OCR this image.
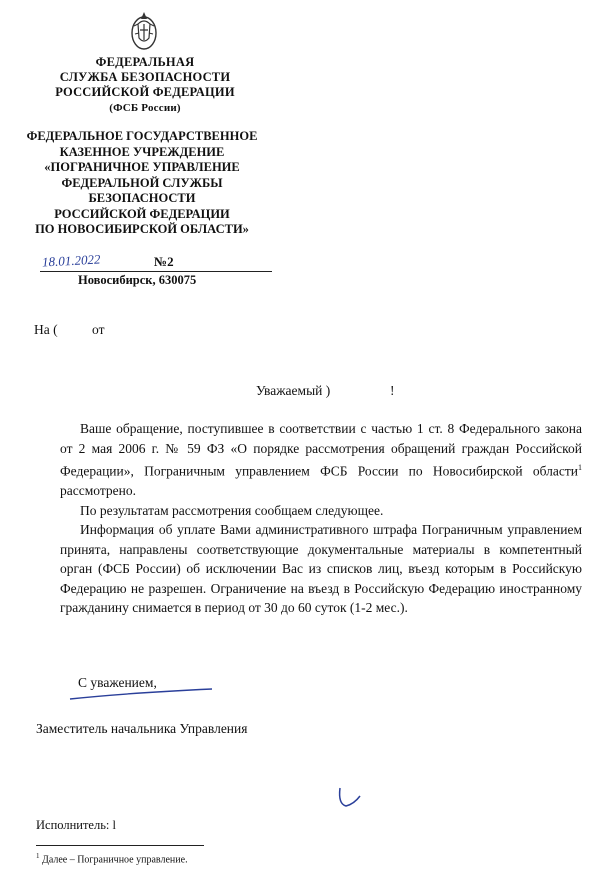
ФЕДЕРАЛЬНАЯ
СЛУЖБА БЕЗОПАСНОСТИ
РОССИЙСКОЙ ФЕДЕРАЦИИ
(ФСБ России)
ФЕДЕРАЛЬНОЕ ГОСУДАРСТВЕННОЕ
КАЗЕННОЕ УЧРЕЖДЕНИЕ
«ПОГРАНИЧНОЕ УПРАВЛЕНИЕ
ФЕДЕРАЛЬНОЙ СЛУЖБЫ
БЕЗОПАСНОСТИ
РОССИЙСКОЙ ФЕДЕРАЦИИ
ПО НОВОСИБИРСКОЙ ОБЛАСТИ»
18.01.2022	№2
Новосибирск, 630075
На (	от
Уважаемый )	!

Ваше обращение, поступившее в соответствии с частью 1 ст. 8 Федерального закона от 2 мая 2006 г. № 59 ФЗ «О порядке рассмотрения обращений граждан Российской Федерации», Пограничным управлением ФСБ России по Новосибирской области$^1$ рассмотрено.

По результатам рассмотрения сообщаем следующее.

Информация об уплате Вами административного штрафа Пограничным управлением принята, направлены соответствующие документальные материалы в компетентный орган (ФСБ России) об исключении Вас из списков лиц, въезд которым в Российскую Федерацию не разрешен. Ограничение на въезд в Российскую Федерацию иностранному гражданину снимается в период от 30 до 60 суток (1-2 мес.).

С уважением,
Заместитель начальника Управления
Исполнитель: l
$^1$ Далее – Пограничное управление.
